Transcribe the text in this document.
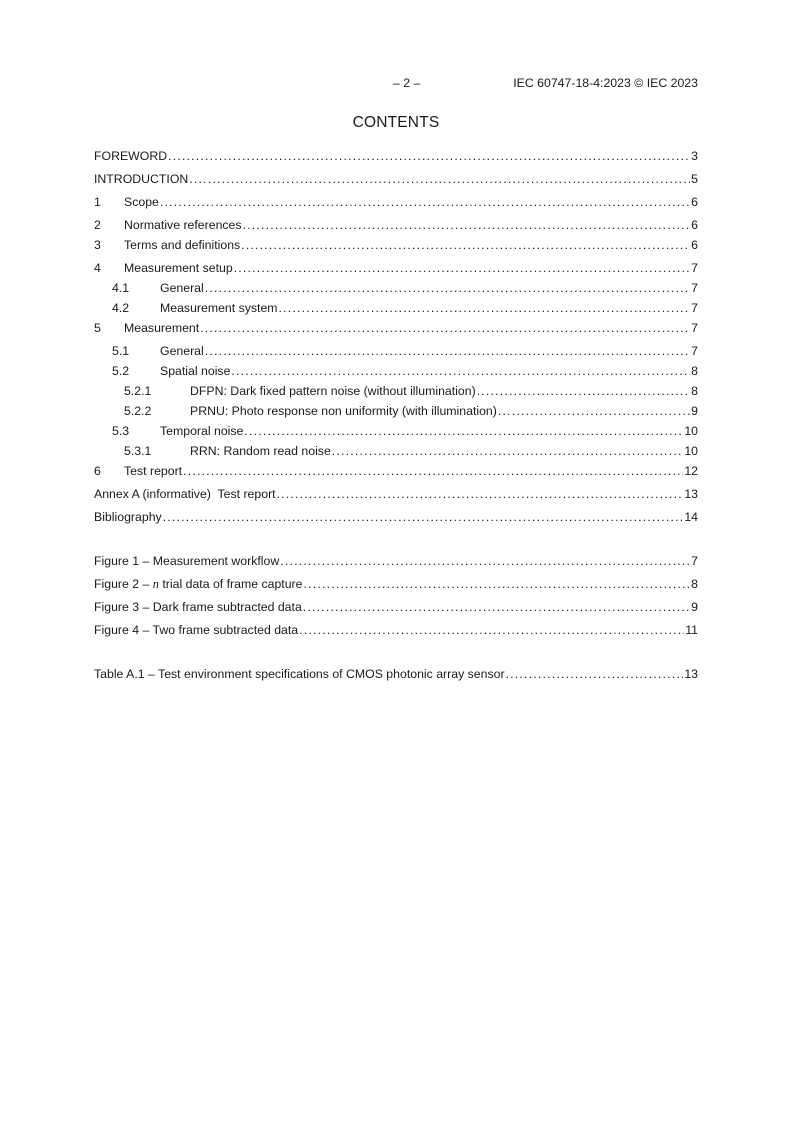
– 2 –	IEC 60747-18-4:2023 © IEC 2023
CONTENTS
FOREWORD .....	3
INTRODUCTION .....	5
1	Scope .....	6
2	Normative references .....	6
3	Terms and definitions .....	6
4	Measurement setup .....	7
4.1	General .....	7
4.2	Measurement system .....	7
5	Measurement .....	7
5.1	General .....	7
5.2	Spatial noise .....	8
5.2.1	DFPN: Dark fixed pattern noise (without illumination) .....	8
5.2.2	PRNU: Photo response non uniformity (with illumination) .....	9
5.3	Temporal noise .....	10
5.3.1	RRN: Random read noise .....	10
6	Test report .....	12
Annex A (informative)  Test report .....	13
Bibliography .....	14
Figure 1 – Measurement workflow .....	7
Figure 2 – n trial data of frame capture .....	8
Figure 3 – Dark frame subtracted data .....	9
Figure 4 – Two frame subtracted data .....	11
Table A.1 – Test environment specifications of CMOS photonic array sensor .....	13
